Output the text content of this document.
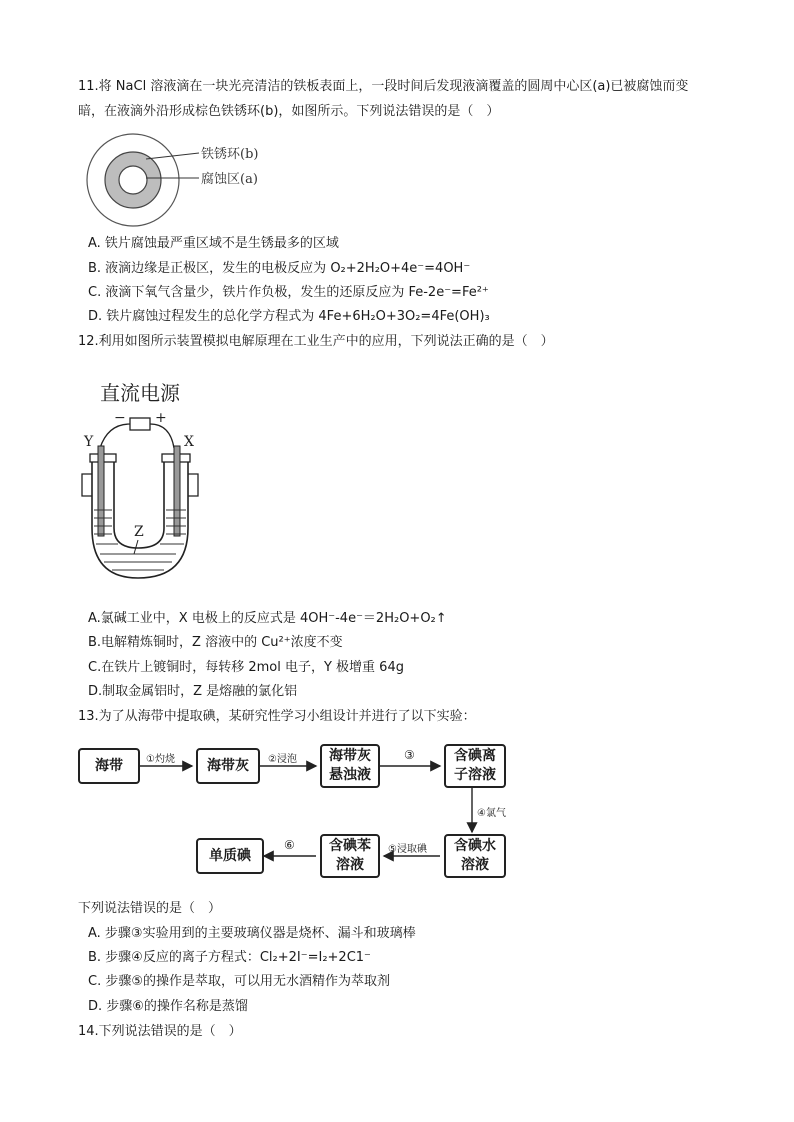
11.将 NaCl 溶液滴在一块光亮清洁的铁板表面上，一段时间后发现液滴覆盖的圆周中心区(a)已被腐蚀而变
暗，在液滴外沿形成棕色铁锈环(b)，如图所示。下列说法错误的是（　）
铁锈环(b)
腐蚀区(a)
A. 铁片腐蚀最严重区域不是生锈最多的区域
B. 液滴边缘是正极区，发生的电极反应为 O₂+2H₂O+4e⁻=4OH⁻
C. 液滴下氧气含量少，铁片作负极，发生的还原反应为 Fe-2e⁻=Fe²⁺
D. 铁片腐蚀过程发生的总化学方程式为 4Fe+6H₂O+3O₂=4Fe(OH)₃
12.利用如图所示装置模拟电解原理在工业生产中的应用，下列说法正确的是（　）
直流电源
− +
Y	X
Z
A.氯碱工业中，X 电极上的反应式是 4OH⁻-4e⁻＝2H₂O+O₂↑
B.电解精炼铜时，Z 溶液中的 Cu²⁺浓度不变
C.在铁片上镀铜时，每转移 2mol 电子，Y 极增重 64g
D.制取金属铝时，Z 是熔融的氯化铝
13.为了从海带中提取碘，某研究性学习小组设计并进行了以下实验：
海带	海带灰
海带灰
悬浊液
含碘离
子溶液
含碘水
溶液
含碘苯
溶液
单质碘
①灼烧	②浸泡	③
④氯气
⑤浸取碘
⑥
下列说法错误的是（　）
A. 步骤③实验用到的主要玻璃仪器是烧杯、漏斗和玻璃棒
B. 步骤④反应的离子方程式：Cl₂+2I⁻=I₂+2C1⁻
C. 步骤⑤的操作是萃取，可以用无水酒精作为萃取剂
D. 步骤⑥的操作名称是蒸馏
14.下列说法错误的是（　）
